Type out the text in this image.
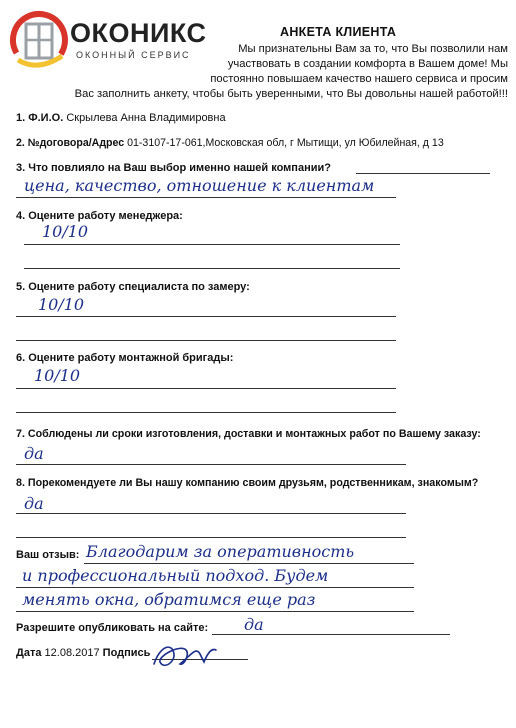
ОКОНИКС
ОКОННЫЙ СЕРВИС
АНКЕТА КЛИЕНТА
Мы признательны Вам за то, что Вы позволили нам
участвовать в создании комфорта в Вашем доме! Мы
постоянно повышаем качество нашего сервиса и просим
Вас заполнить анкету, чтобы быть уверенными, что Вы довольны нашей работой!!!
1. Ф.И.О. Скрылева Анна Владимировна
2. №договора/Адрес 01-3107-17-061,Московская обл, г Мытищи, ул Юбилейная, д 13
3. Что повлияло на Ваш выбор именно нашей компании?
цена, качество, отношение к клиентам
4. Оцените работу менеджера:
10/10
5. Оцените работу специалиста по замеру:
10/10
6. Оцените работу монтажной бригады:
10/10
7. Соблюдены ли сроки изготовления, доставки и монтажных работ по Вашему заказу:
да
8. Порекомендуете ли Вы нашу компанию своим друзьям, родственникам, знакомым?
да
Ваш отзыв: Благодарим за оперативность
и профессиональный подход. Будем
менять окна, обратимся еще раз
Разрешите опубликовать на сайте: да
Дата 12.08.2017 Подпись
